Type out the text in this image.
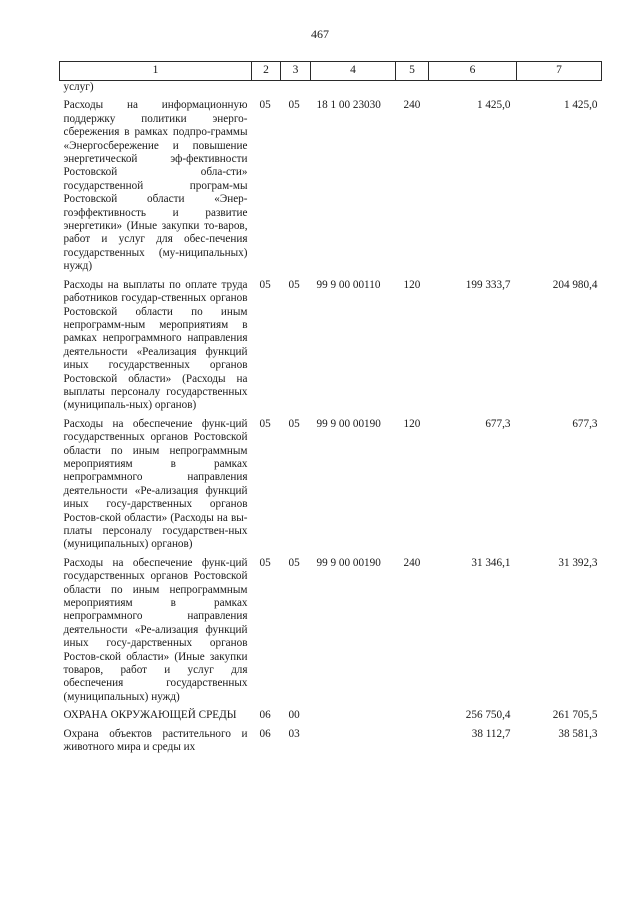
467
1	2	3	4	5	6	7
услуг)						
Расходы на информационную поддержку политики энерго-сбережения в рамках подпро-граммы «Энергосбережение и повышение энергетической эф-фективности Ростовской обла-сти» государственной програм-мы Ростовской области «Энер-гоэффективность и развитие энергетики» (Иные закупки то-варов, работ и услуг для обес-печения государственных (му-ниципальных) нужд)	05	05	18 1 00 23030	240	1 425,0	1 425,0
Расходы на выплаты по оплате труда работников государ-ственных органов Ростовской области по иным непрограмм-ным мероприятиям в рамках непрограммного направления деятельности «Реализация функций иных государственных органов Ростовской области» (Расходы на выплаты персоналу государственных (муниципаль-ных) органов)	05	05	99 9 00 00110	120	199 333,7	204 980,4
Расходы на обеспечение функ-ций государственных органов Ростовской области по иным непрограммным мероприятиям в рамках непрограммного направления деятельности «Ре-ализация функций иных госу-дарственных органов Ростов-ской области» (Расходы на вы-платы персоналу государствен-ных (муниципальных) органов)	05	05	99 9 00 00190	120	677,3	677,3
Расходы на обеспечение функ-ций государственных органов Ростовской области по иным непрограммным мероприятиям в рамках непрограммного направления деятельности «Ре-ализация функций иных госу-дарственных органов Ростов-ской области» (Иные закупки товаров, работ и услуг для обеспечения государственных (муниципальных) нужд)	05	05	99 9 00 00190	240	31 346,1	31 392,3
ОХРАНА ОКРУЖАЮЩЕЙ СРЕДЫ	06	00			256 750,4	261 705,5
Охрана объектов растительного и животного мира и среды их	06	03			38 112,7	38 581,3
